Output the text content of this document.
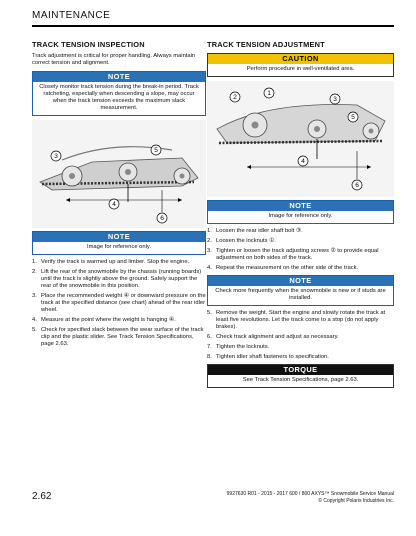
MAINTENANCE
TRACK TENSION INSPECTION
Track adjustment is critical for proper handling. Always maintain correct tension and alignment.
NOTE
Closely monitor track tension during the break-in period. Track ratcheting, especially when descending a slope, may occur when the track tension exceeds the maximum slack measurement.
3
5
4
6
NOTE
Image for reference only.
1. Verify the track is warmed up and limber. Stop the engine.
2. Lift the rear of the snowmobile by the chassis (running boards) until the track is slightly above the ground. Safely support the rear of the snowmobile in this position.
3. Place the recommended weight ④ or downward pressure on the track at the specified distance (see chart) ahead of the rear idler wheel.
4. Measure at the point where the weight is hanging ④.
5. Check for specified slack between the wear surface of the track clip and the plastic slider. See Track Tension Specifications, page 2.63.
TRACK TENSION ADJUSTMENT
CAUTION
Perform procedure in well-ventilated area.
2
1
3
5
4
6
NOTE
Image for reference only.
1. Loosen the rear idler shaft bolt ③.
2. Loosen the locknuts ①.
3. Tighten or loosen the track adjusting screws ② to provide equal adjustment on both sides of the track.
4. Repeat the measurement on the other side of the track.
NOTE
Check more frequently when the snowmobile is new or if studs are installed.
5. Remove the weight. Start the engine and slowly rotate the track at least five revolutions. Let the track come to a stop (do not apply brakes).
6. Check track alignment and adjust as necessary.
7. Tighten the locknuts.
8. Tighten idler shaft fasteners to specification.
TORQUE
See Track Tension Specifications, page 2.63.
2.62	9927630 R01 - 2015 - 2017 600 / 800 AXYS™ Snowmobile Service Manual
© Copyright Polaris Industries Inc.
